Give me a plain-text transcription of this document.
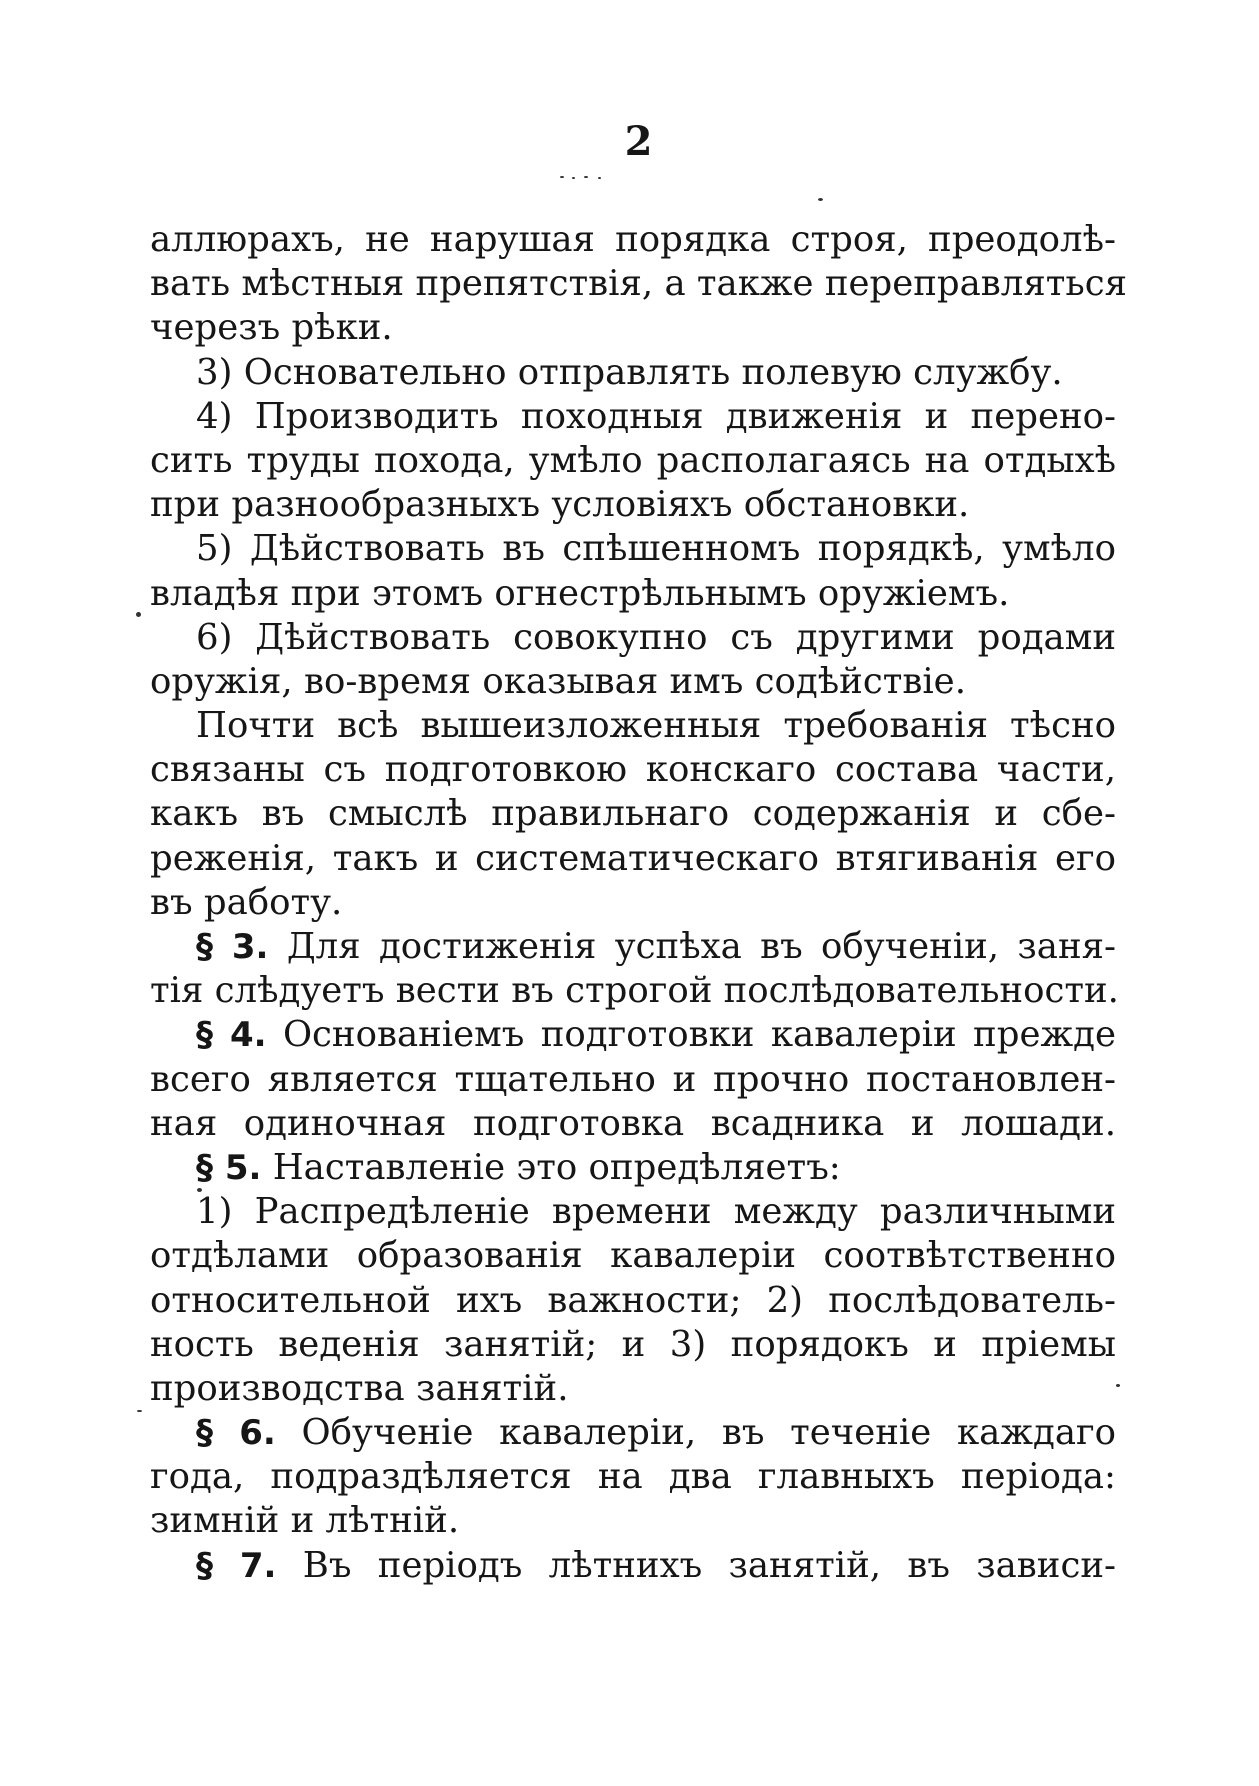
2
аллюрахъ, не нарушая порядка строя, преодолѣ-
вать мѣстныя препятствія, а также переправляться
черезъ рѣки.
3) Основательно отправлять полевую службу.
4) Производить походныя движенія и перено-
сить труды похода, умѣло располагаясь на отдыхѣ
при разнообразныхъ условіяхъ обстановки.
5) Дѣйствовать въ спѣшенномъ порядкѣ, умѣло
владѣя при этомъ огнестрѣльнымъ оружіемъ.
6) Дѣйствовать совокупно съ другими родами
оружія, во-время оказывая имъ содѣйствіе.
Почти всѣ вышеизложенныя требованія тѣсно
связаны съ подготовкою конскаго состава части,
какъ въ смыслѣ правильнаго содержанія и сбе-
реженія, такъ и систематическаго втягиванія его
въ работу.
§ 3. Для достиженія успѣха въ обученіи, заня-
тія слѣдуетъ вести въ строгой послѣдовательности.
§ 4. Основаніемъ подготовки кавалеріи прежде
всего является тщательно и прочно постановлен-
ная одиночная подготовка всадника и лошади.
§ 5. Наставленіе это опредѣляетъ:
1) Распредѣленіе времени между различными
отдѣлами образованія кавалеріи соотвѣтственно
относительной ихъ важности; 2) послѣдователь-
ность веденія занятій; и 3) порядокъ и пріемы
производства занятій.
§ 6. Обученіе кавалеріи, въ теченіе каждаго
года, подраздѣляется на два главныхъ періода:
зимній и лѣтній.
§ 7. Въ періодъ лѣтнихъ занятій, въ зависи-
